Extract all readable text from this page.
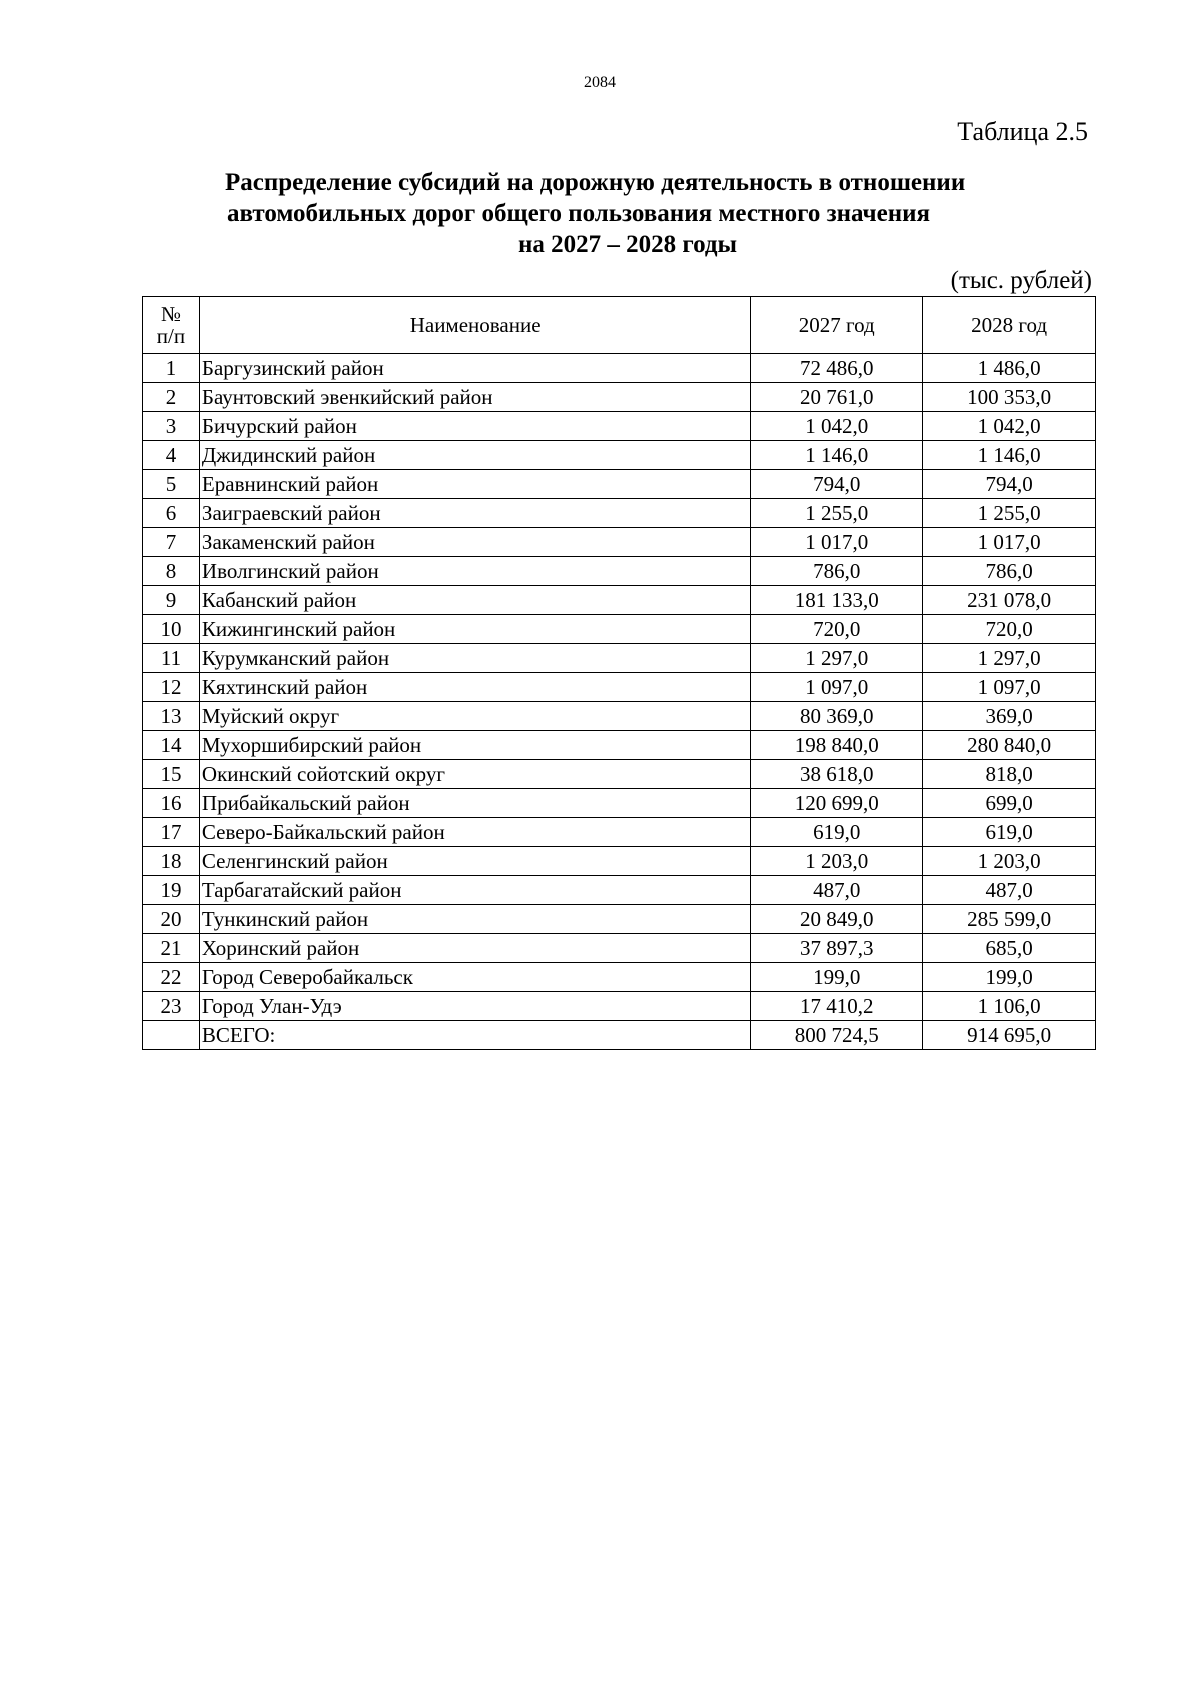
2084
Таблица 2.5
Распределение субсидий на дорожную деятельность в отношении
автомобильных дорог общего пользования местного значения
на 2027 – 2028 годы
(тыс. рублей)
№
п/п	Наименование	2027 год	2028 год
1	Баргузинский район	72 486,0	1 486,0
2	Баунтовский эвенкийский район	20 761,0	100 353,0
3	Бичурский район	1 042,0	1 042,0
4	Джидинский район	1 146,0	1 146,0
5	Еравнинский район	794,0	794,0
6	Заиграевский район	1 255,0	1 255,0
7	Закаменский район	1 017,0	1 017,0
8	Иволгинский район	786,0	786,0
9	Кабанский район	181 133,0	231 078,0
10	Кижингинский район	720,0	720,0
11	Курумканский район	1 297,0	1 297,0
12	Кяхтинский район	1 097,0	1 097,0
13	Муйский округ	80 369,0	369,0
14	Мухоршибирский район	198 840,0	280 840,0
15	Окинский сойотский округ	38 618,0	818,0
16	Прибайкальский район	120 699,0	699,0
17	Северо-Байкальский район	619,0	619,0
18	Селенгинский район	1 203,0	1 203,0
19	Тарбагатайский район	487,0	487,0
20	Тункинский район	20 849,0	285 599,0
21	Хоринский район	37 897,3	685,0
22	Город Северобайкальск	199,0	199,0
23	Город Улан-Удэ	17 410,2	1 106,0
	ВСЕГО:	800 724,5	914 695,0
